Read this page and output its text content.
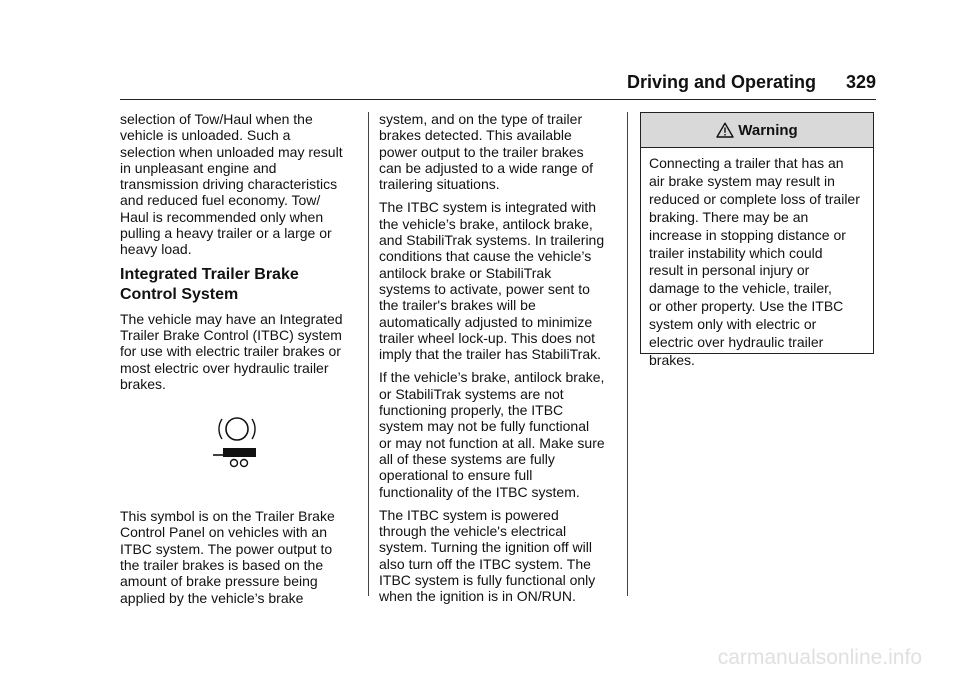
Driving and Operating	329

selection of Tow/Haul when the
vehicle is unloaded. Such a
selection when unloaded may result
in unpleasant engine and
transmission driving characteristics
and reduced fuel economy. Tow/
Haul is recommended only when
pulling a heavy trailer or a large or
heavy load.

Integrated Trailer Brake
Control System

The vehicle may have an Integrated
Trailer Brake Control (ITBC) system
for use with electric trailer brakes or
most electric over hydraulic trailer
brakes.

This symbol is on the Trailer Brake
Control Panel on vehicles with an
ITBC system. The power output to
the trailer brakes is based on the
amount of brake pressure being
applied by the vehicle’s brake

system, and on the type of trailer
brakes detected. This available
power output to the trailer brakes
can be adjusted to a wide range of
trailering situations.

The ITBC system is integrated with
the vehicle’s brake, antilock brake,
and StabiliTrak systems. In trailering
conditions that cause the vehicle’s
antilock brake or StabiliTrak
systems to activate, power sent to
the trailer's brakes will be
automatically adjusted to minimize
trailer wheel lock-up. This does not
imply that the trailer has StabiliTrak.

If the vehicle’s brake, antilock brake,
or StabiliTrak systems are not
functioning properly, the ITBC
system may not be fully functional
or may not function at all. Make sure
all of these systems are fully
operational to ensure full
functionality of the ITBC system.

The ITBC system is powered
through the vehicle's electrical
system. Turning the ignition off will
also turn off the ITBC system. The
ITBC system is fully functional only
when the ignition is in ON/RUN.

Warning
Connecting a trailer that has an
air brake system may result in
reduced or complete loss of trailer
braking. There may be an
increase in stopping distance or
trailer instability which could
result in personal injury or
damage to the vehicle, trailer,
or other property. Use the ITBC
system only with electric or
electric over hydraulic trailer
brakes.
carmanualsonline.info
